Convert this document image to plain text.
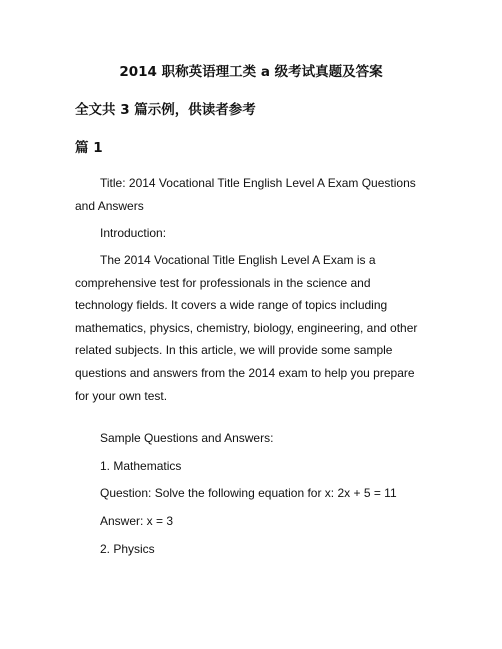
2014 职称英语理工类 a 级考试真题及答案
全文共 3 篇示例，供读者参考
篇 1
Title: 2014 Vocational Title English Level A Exam Questions and Answers
Introduction:
The 2014 Vocational Title English Level A Exam is a comprehensive test for professionals in the science and technology fields. It covers a wide range of topics including mathematics, physics, chemistry, biology, engineering, and other related subjects. In this article, we will provide some sample questions and answers from the 2014 exam to help you prepare for your own test.
Sample Questions and Answers:
1. Mathematics
Question: Solve the following equation for x: 2x + 5 = 11
Answer: x = 3
2. Physics
